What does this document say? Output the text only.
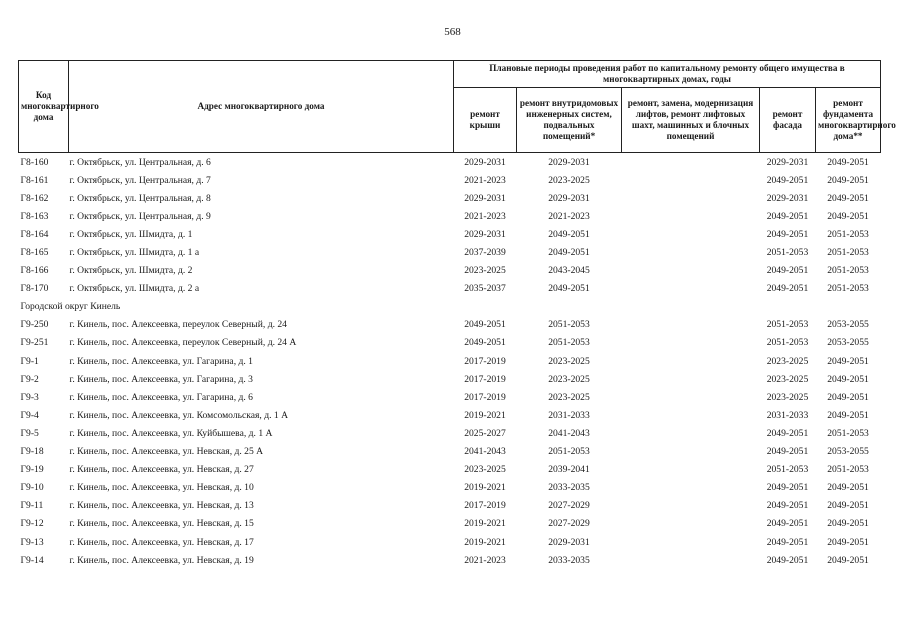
568
Код многоквартирного дома	Адрес многоквартирного дома	Плановые периоды проведения работ по капитальному ремонту общего имущества в многоквартирных домах, годы				
		ремонт крыши	ремонт внутридомовых инженерных систем, подвальных помещений*	ремонт, замена, модернизация лифтов, ремонт лифтовых шахт, машинных и блочных помещений	ремонт фасада	ремонт фундамента многоквартирного дома**
Г8-160	г. Октябрьск, ул. Центральная, д. 6	2029-2031	2029-2031		2029-2031	2049-2051
Г8-161	г. Октябрьск, ул. Центральная, д. 7	2021-2023	2023-2025		2049-2051	2049-2051
Г8-162	г. Октябрьск, ул. Центральная, д. 8	2029-2031	2029-2031		2029-2031	2049-2051
Г8-163	г. Октябрьск, ул. Центральная, д. 9	2021-2023	2021-2023		2049-2051	2049-2051
Г8-164	г. Октябрьск, ул. Шмидта, д. 1	2029-2031	2049-2051		2049-2051	2051-2053
Г8-165	г. Октябрьск, ул. Шмидта, д. 1 а	2037-2039	2049-2051		2051-2053	2051-2053
Г8-166	г. Октябрьск, ул. Шмидта, д. 2	2023-2025	2043-2045		2049-2051	2051-2053
Г8-170	г. Октябрьск, ул. Шмидта, д. 2 а	2035-2037	2049-2051		2049-2051	2051-2053
Городской округ Кинель						
Г9-250	г. Кинель, пос. Алексеевка, переулок Северный, д. 24	2049-2051	2051-2053		2051-2053	2053-2055
Г9-251	г. Кинель, пос. Алексеевка, переулок Северный, д. 24 А	2049-2051	2051-2053		2051-2053	2053-2055
Г9-1	г. Кинель, пос. Алексеевка, ул. Гагарина, д. 1	2017-2019	2023-2025		2023-2025	2049-2051
Г9-2	г. Кинель, пос. Алексеевка, ул. Гагарина, д. 3	2017-2019	2023-2025		2023-2025	2049-2051
Г9-3	г. Кинель, пос. Алексеевка, ул. Гагарина, д. 6	2017-2019	2023-2025		2023-2025	2049-2051
Г9-4	г. Кинель, пос. Алексеевка, ул. Комсомольская, д. 1 А	2019-2021	2031-2033		2031-2033	2049-2051
Г9-5	г. Кинель, пос. Алексеевка, ул. Куйбышева, д. 1 А	2025-2027	2041-2043		2049-2051	2051-2053
Г9-18	г. Кинель, пос. Алексеевка, ул. Невская, д. 25 А	2041-2043	2051-2053		2049-2051	2053-2055
Г9-19	г. Кинель, пос. Алексеевка, ул. Невская, д. 27	2023-2025	2039-2041		2051-2053	2051-2053
Г9-10	г. Кинель, пос. Алексеевка, ул. Невская, д. 10	2019-2021	2033-2035		2049-2051	2049-2051
Г9-11	г. Кинель, пос. Алексеевка, ул. Невская, д. 13	2017-2019	2027-2029		2049-2051	2049-2051
Г9-12	г. Кинель, пос. Алексеевка, ул. Невская, д. 15	2019-2021	2027-2029		2049-2051	2049-2051
Г9-13	г. Кинель, пос. Алексеевка, ул. Невская, д. 17	2019-2021	2029-2031		2049-2051	2049-2051
Г9-14	г. Кинель, пос. Алексеевка, ул. Невская, д. 19	2021-2023	2033-2035		2049-2051	2049-2051
